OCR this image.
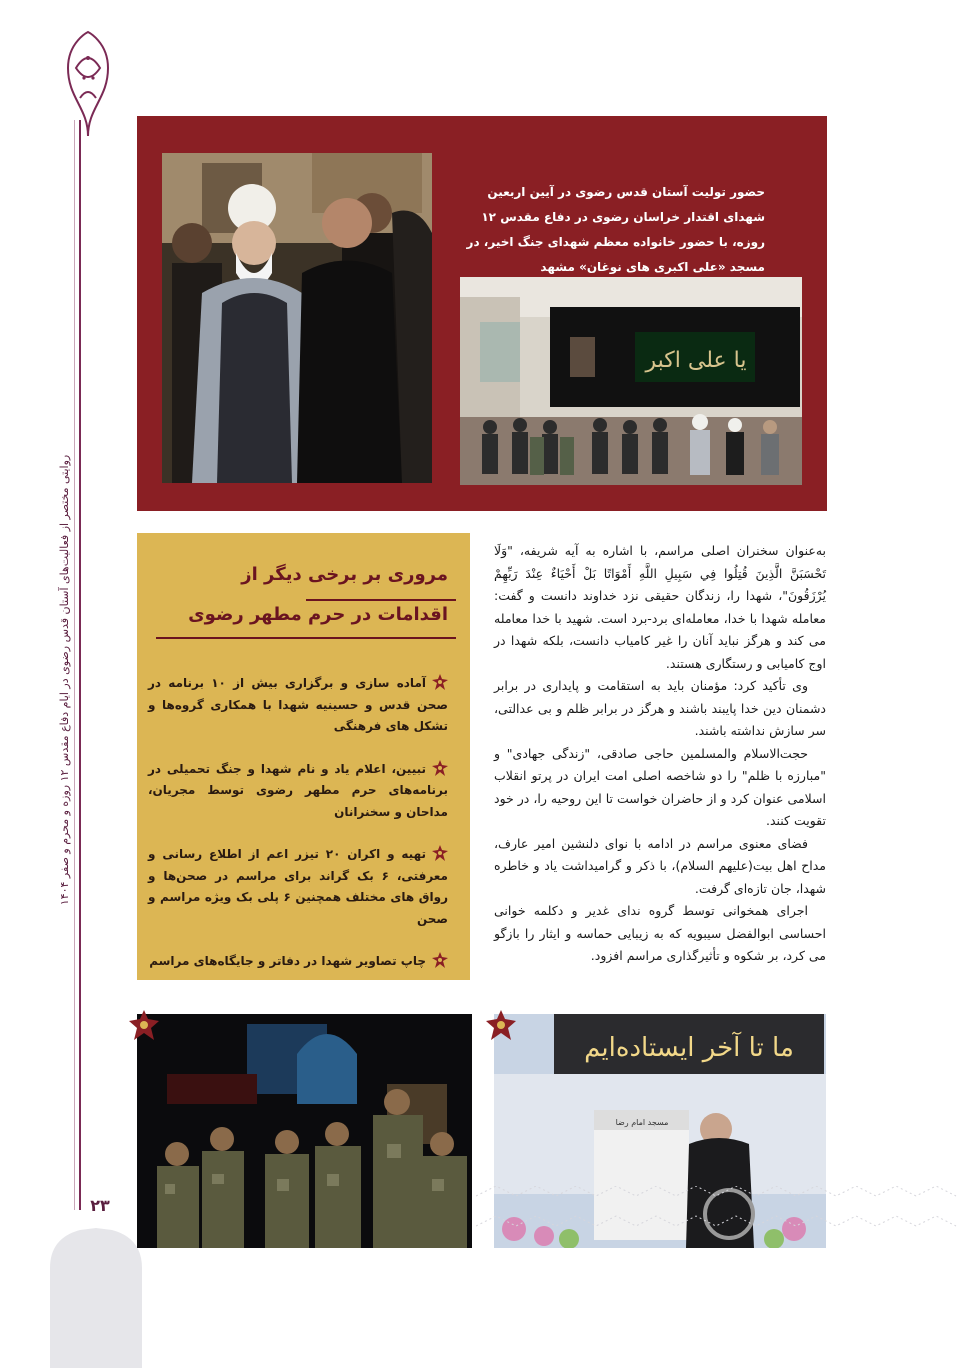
روایتی مختصر از فعالیت‌های آستان قدس رضوی در ایام دفاع مقدس ۱۲ روزه و محرم و صفر ۱۴۰۴
۲۳
حضور تولیت آستان قدس رضوی در آیین اربعین شهدای اقتدار خراسان رضوی در دفاع مقدس ۱۲ روزه، با حضور خانواده معظم شهدای جنگ اخیر، در مسجد «علی اکبری های نوغان» مشهد
یا علی اکبر

به‌عنوان سخنران اصلی مراسم، با اشاره به آیه شریفه، "وَلَا تَحْسَبَنَّ الَّذِينَ قُتِلُوا فِي سَبِيلِ اللَّهِ أَمْوَاتًا بَلْ أَحْيَاءٌ عِنْدَ رَبِّهِمْ يُرْزَقُونَ"، شهدا را، زندگان حقیقی نزد خداوند دانست و گفت: معامله شهدا با خدا، معامله‌ای برد-برد است. شهید با خدا معامله می کند و هرگز نباید آنان را غیر کامیاب دانست، بلکه شهدا در اوج کامیابی و رستگاری هستند.

وی تأکید کرد: مؤمنان باید به استقامت و پایداری در برابر دشمنان دین خدا پایبند باشند و هرگز در برابر ظلم و بی عدالتی، سر سازش نداشته باشند.

حجت‌الاسلام والمسلمین حاجی صادقی، "زندگی جهادی" و "مبارزه با ظلم" را دو شاخصه اصلی امت ایران در پرتو انقلاب اسلامی عنوان کرد و از حاضران خواست تا این روحیه را، در خود تقویت کنند.

فضای معنوی مراسم در ادامه با نوای دلنشین امیر عارف، مداح اهل بیت(علیهم السلام)، با ذکر و گرامیداشت یاد و خاطره شهدا، جان تازه‌ای گرفت.

اجرای همخوانی توسط گروه ندای غدیر و دکلمه خوانی احساسی ابوالفضل سیبویه که به زیبایی حماسه و ایثار را بازگو می کرد، بر شکوه و تأثیرگذاری مراسم افزود.

مروری بر برخی دیگر از
اقدامات در حرم مطهر رضوی
آماده سازی و برگزاری بیش از ۱۰ برنامه در صحن قدس و حسینیه شهدا با همکاری گروه‌ها و تشکل های فرهنگی
تبیین، اعلام یاد و نام شهدا و جنگ تحمیلی در برنامه‌های حرم مطهر رضوی توسط مجریان، مداحان و سخنرانان
تهیه و اکران ۲۰ تیزر اعم از اطلاع رسانی و معرفتی، ۶ بک گراند برای مراسم در صحن‌ها و رواق های مختلف همچنین ۶ پلی بک ویژه مراسم و صحن
چاپ تصاویر شهدا در دفاتر و جایگاه‌های مراسم
ما تا آخر ایستاده‌ایم
مسجد امام رضا
